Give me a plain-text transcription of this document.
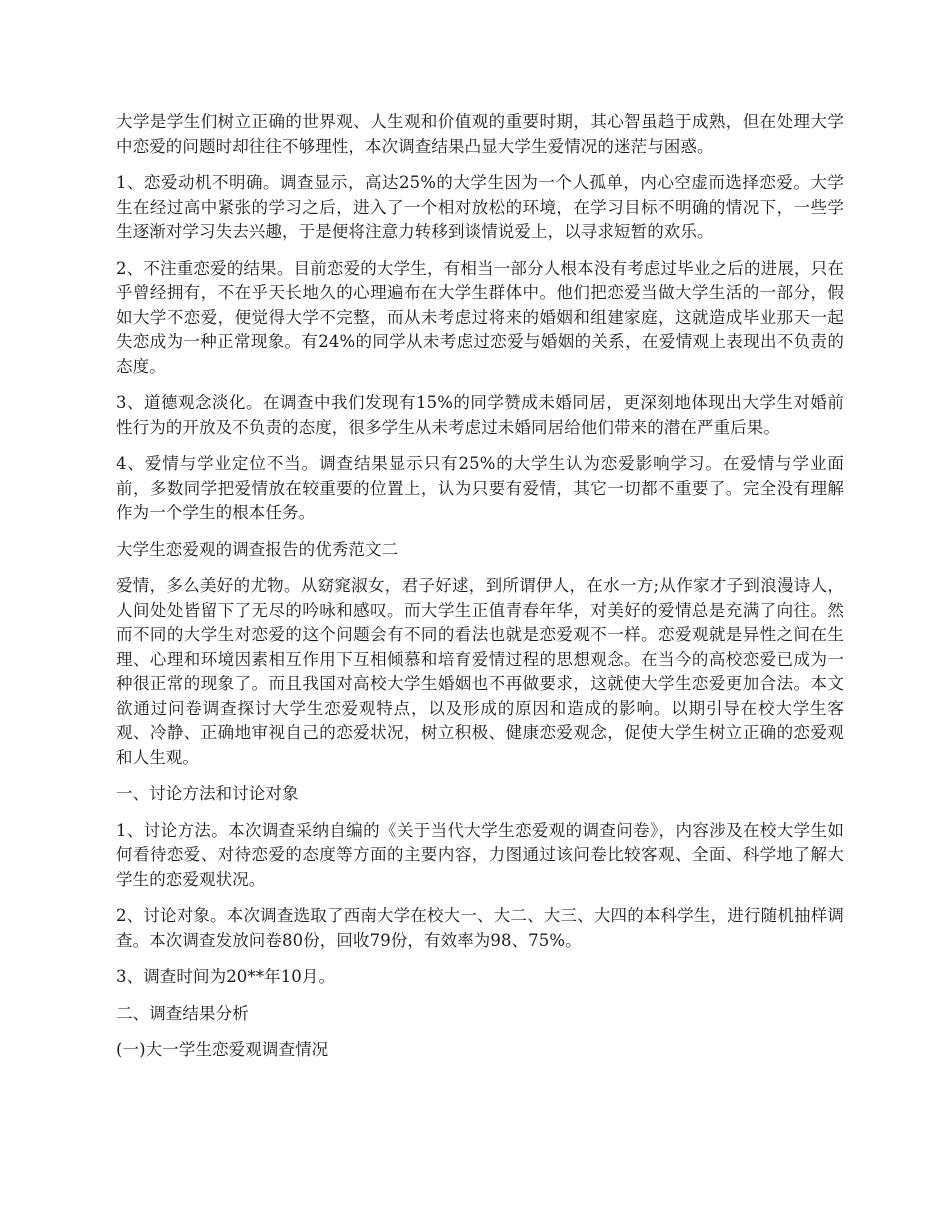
大学是学生们树立正确的世界观、人生观和价值观的重要时期，其心智虽趋于成熟，但在处理大学中恋爱的问题时却往往不够理性，本次调查结果凸显大学生爱情况的迷茫与困惑。

1、恋爱动机不明确。调查显示，高达25%的大学生因为一个人孤单，内心空虚而选择恋爱。大学生在经过高中紧张的学习之后，进入了一个相对放松的环境，在学习目标不明确的情况下，一些学生逐渐对学习失去兴趣，于是便将注意力转移到谈情说爱上，以寻求短暂的欢乐。

2、不注重恋爱的结果。目前恋爱的大学生，有相当一部分人根本没有考虑过毕业之后的进展，只在乎曾经拥有，不在乎天长地久的心理遍布在大学生群体中。他们把恋爱当做大学生活的一部分，假如大学不恋爱，便觉得大学不完整，而从未考虑过将来的婚姻和组建家庭，这就造成毕业那天一起失恋成为一种正常现象。有24%的同学从未考虑过恋爱与婚姻的关系，在爱情观上表现出不负责的态度。

3、道德观念淡化。在调查中我们发现有15%的同学赞成未婚同居，更深刻地体现出大学生对婚前性行为的开放及不负责的态度，很多学生从未考虑过未婚同居给他们带来的潜在严重后果。

4、爱情与学业定位不当。调查结果显示只有25%的大学生认为恋爱影响学习。在爱情与学业面前，多数同学把爱情放在较重要的位置上，认为只要有爱情，其它一切都不重要了。完全没有理解作为一个学生的根本任务。

大学生恋爱观的调查报告的优秀范文二

爱情，多么美好的尤物。从窈窕淑女，君子好逑，到所谓伊人，在水一方;从作家才子到浪漫诗人，人间处处皆留下了无尽的吟咏和感叹。而大学生正值青春年华，对美好的爱情总是充满了向往。然而不同的大学生对恋爱的这个问题会有不同的看法也就是恋爱观不一样。恋爱观就是异性之间在生理、心理和环境因素相互作用下互相倾慕和培育爱情过程的思想观念。在当今的高校恋爱已成为一种很正常的现象了。而且我国对高校大学生婚姻也不再做要求，这就使大学生恋爱更加合法。本文欲通过问卷调查探讨大学生恋爱观特点，以及形成的原因和造成的影响。以期引导在校大学生客观、冷静、正确地审视自己的恋爱状况，树立积极、健康恋爱观念，促使大学生树立正确的恋爱观和人生观。

一、讨论方法和讨论对象

1、讨论方法。本次调查采纳自编的《关于当代大学生恋爱观的调查问卷》，内容涉及在校大学生如何看待恋爱、对待恋爱的态度等方面的主要内容，力图通过该问卷比较客观、全面、科学地了解大学生的恋爱观状况。

2、讨论对象。本次调查选取了西南大学在校大一、大二、大三、大四的本科学生，进行随机抽样调查。本次调查发放问卷80份，回收79份，有效率为98、75%。

3、调查时间为20**年10月。

二、调查结果分析

(一)大一学生恋爱观调查情况
